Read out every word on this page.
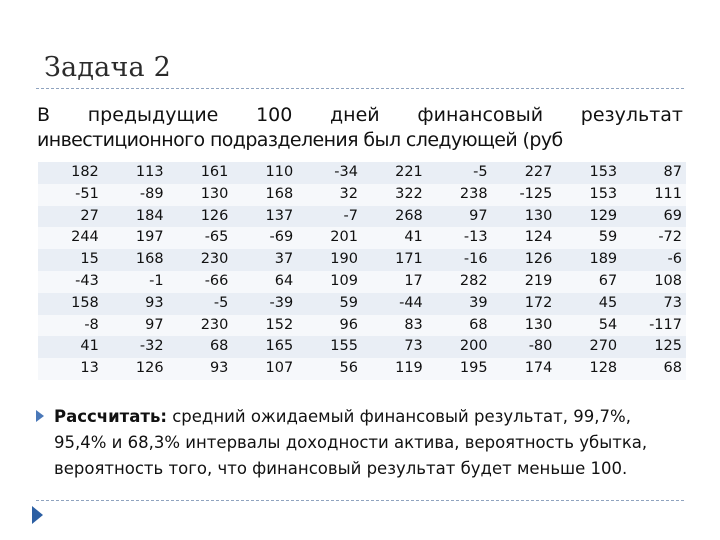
Задача 2
В предыдущие 100 дней финансовый результат
инвестиционного подразделения был следующей (руб
182	113	161	110	-34	221	-5	227	153	87
-51	-89	130	168	32	322	238	-125	153	111
27	184	126	137	-7	268	97	130	129	69
244	197	-65	-69	201	41	-13	124	59	-72
15	168	230	37	190	171	-16	126	189	-6
-43	-1	-66	64	109	17	282	219	67	108
158	93	-5	-39	59	-44	39	172	45	73
-8	97	230	152	96	83	68	130	54	-117
41	-32	68	165	155	73	200	-80	270	125
13	126	93	107	56	119	195	174	128	68
Рассчитать: средний ожидаемый финансовый результат, 99,7%, 95,4% и 68,3% интервалы доходности актива, вероятность убытка, вероятность того, что финансовый результат будет меньше 100.
